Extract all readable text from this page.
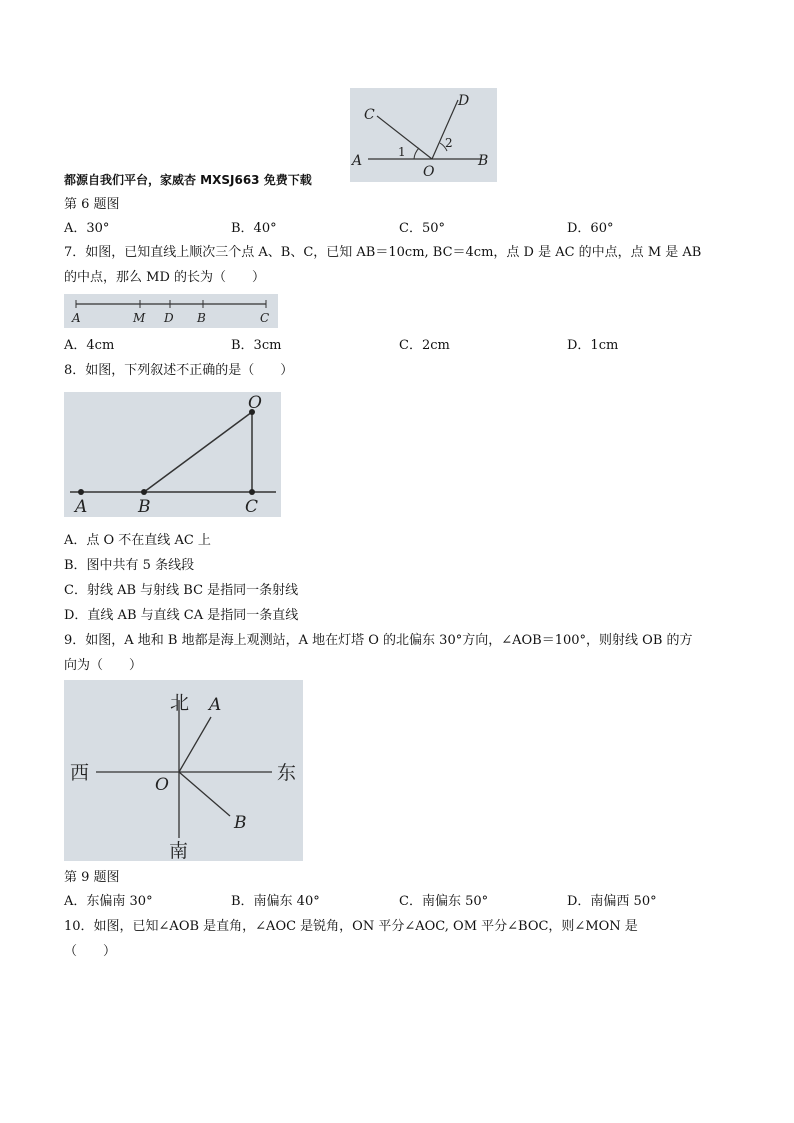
C
D
A
O
B
1
2
都源自我们平台，家威杏 MXSJ663 免费下载
第 6 题图
A．30°	B．40°	C．50°	D．60°
7．如图，已知直线上顺次三个点 A、B、C，已知 AB＝10cm, BC＝4cm，点 D 是 AC 的中点，点 M 是 AB
的中点，那么 MD 的长为（　　）
A	M D B	C
A．4cm	B．3cm	C．2cm	D．1cm
8．如图，下列叙述不正确的是（　　）
O
A	B	C
A．点 O 不在直线 AC 上
B．图中共有 5 条线段
C．射线 AB 与射线 BC 是指同一条射线
D．直线 AB 与直线 CA 是指同一条直线
9．如图，A 地和 B 地都是海上观测站，A 地在灯塔 O 的北偏东 30°方向，∠AOB＝100°，则射线 OB 的方
向为（　　）
北
南
西	东
A
B
O
第 9 题图
A．东偏南 30°	B．南偏东 40°	C．南偏东 50°	D．南偏西 50°
10．如图，已知∠AOB 是直角，∠AOC 是锐角，ON 平分∠AOC, OM 平分∠BOC，则∠MON 是
（　　）
